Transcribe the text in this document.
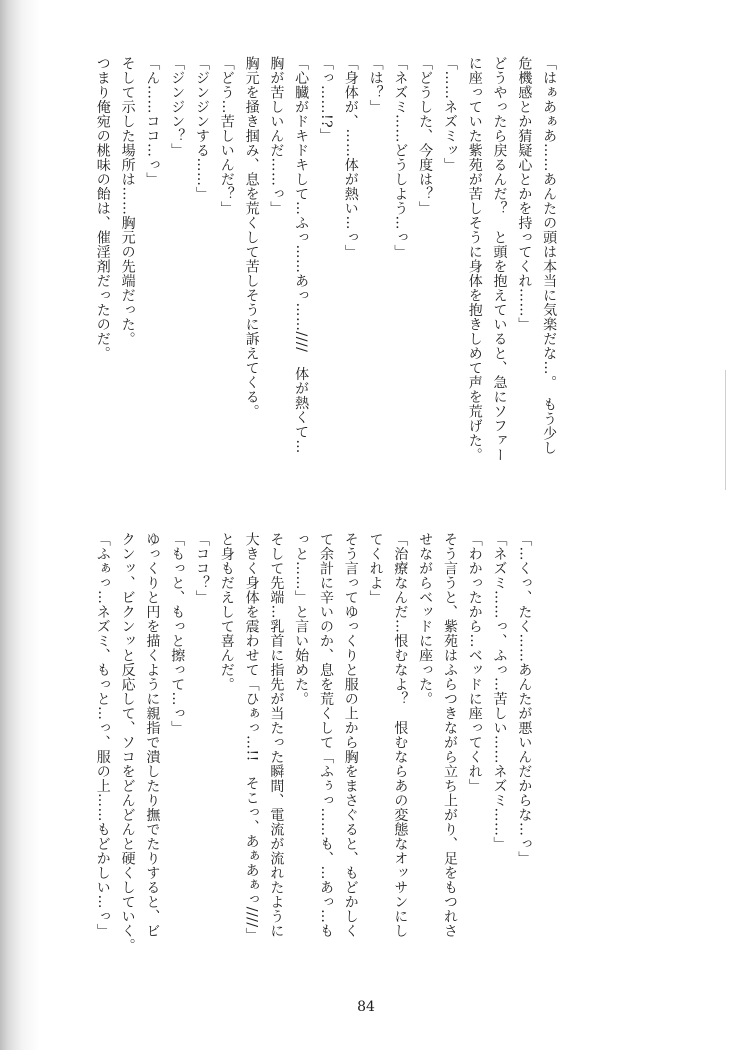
「はぁあぁあ……あんたの頭は本当に気楽だな…。　もう少し
危機感とか猜疑心とかを持ってくれ……」
どうやったら戻るんだ？　と頭を抱えていると、急にソファー
に座っていた紫苑が苦しそうに身体を抱きしめて声を荒げた。
「……ネズミッ」
「どうした、今度は？」
「ネズミ……どうしよう…っ」
「は？」
「身体が、……体が熱い…っ」
「っ……!?」
「心臓がドキドキして…ふっ……あっ……////　体が熱くて…
胸が苦しいんだ……っ」
胸元を掻き掴み、息を荒くして苦しそうに訴えてくる。
「どう…苦しいんだ？」
「ジンジンする……」
「ジンジン？」
「ん……ココ…っ」
そして示した場所は……胸元の先端だった。
つまり俺宛の桃味の飴は、催淫剤だったのだ。
「…くっ、たく……あんたが悪いんだからな…っ」
「ネズミ……っ、ふっ…苦しい……ネズミ……」
「わかったから…ベッドに座ってくれ」
そう言うと、紫苑はふらつきながら立ち上がり、足をもつれさ
せながらベッドに座った。
「治療なんだ…恨むなよ？　恨むならあの変態なオッサンにし
てくれよ」
そう言ってゆっくりと服の上から胸をまさぐると、もどかしく
て余計に辛いのか、息を荒くして「ふぅっ……も、…あっ…も
っと……」と言い始めた。
そして先端…乳首に指先が当たった瞬間、電流が流れたように
大きく身体を震わせて「ひぁっ…!!　そこっ、あぁあぁっ////」
と身もだえして喜んだ。
「ココ？」
「もっと、もっと擦って…っ」
ゆっくりと円を描くように親指で潰したり撫でたりすると、ビ
クンッ、ビクンッと反応して、ソコをどんどんと硬くしていく。
「ふぁっ…ネズミ、もっと…っ、服の上……もどかしい…っ」
84
